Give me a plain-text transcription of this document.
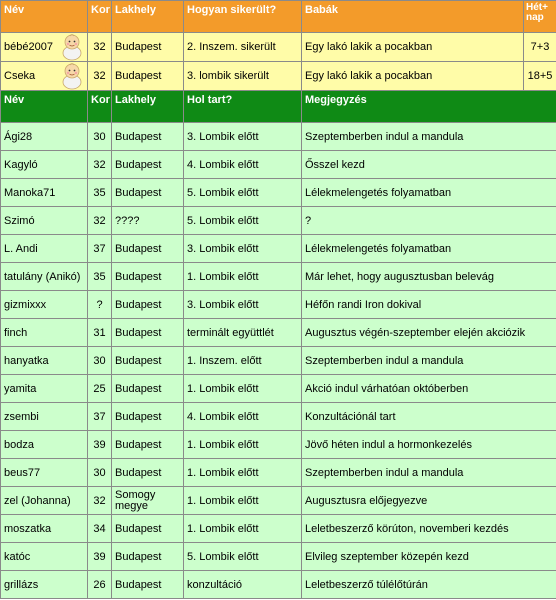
Név	Kor	Lakhely	Hogyan sikerült?	Babák	Hét+ nap
bébé2007	32	Budapest	2. Inszem. sikerült	Egy lakó lakik a pocakban	7+3
Cseka	32	Budapest	3. lombik sikerült	Egy lakó lakik a pocakban	18+5
Név	Kor	Lakhely	Hol tart?	Megjegyzés	
Ági28	30	Budapest	3. Lombik előtt	Szeptemberben indul a mandula	
Kagyló	32	Budapest	4. Lombik előtt	Ősszel kezd	
Manoka71	35	Budapest	5. Lombik előtt	Lélekmelengetés folyamatban	
Szimó	32	????	5. Lombik előtt	?	
L. Andi	37	Budapest	3. Lombik előtt	Lélekmelengetés folyamatban	
tatulány (Anikó)	35	Budapest	1. Lombik előtt	Már lehet, hogy augusztusban belevág	
gizmixxx	?	Budapest	3. Lombik előtt	Héfőn randi Iron dokival	
finch	31	Budapest	terminált együttlét	Augusztus végén-szeptember elején akciózik	
hanyatka	30	Budapest	1. Inszem. előtt	Szeptemberben indul a mandula	
yamita	25	Budapest	1. Lombik előtt	Akció indul várhatóan októberben	
zsembi	37	Budapest	4. Lombik előtt	Konzultációnál tart	
bodza	39	Budapest	1. Lombik előtt	Jövő héten indul a hormonkezelés	
beus77	30	Budapest	1. Lombik előtt	Szeptemberben indul a mandula	
zel (Johanna)	32	Somogy megye	1. Lombik előtt	Augusztusra előjegyezve	
moszatka	34	Budapest	1. Lombik előtt	Leletbeszerző körúton, novemberi kezdés	
katóc	39	Budapest	5. Lombik előtt	Elvileg szeptember közepén kezd	
grillázs	26	Budapest	konzultáció	Leletbeszerző túlélőtúrán	
